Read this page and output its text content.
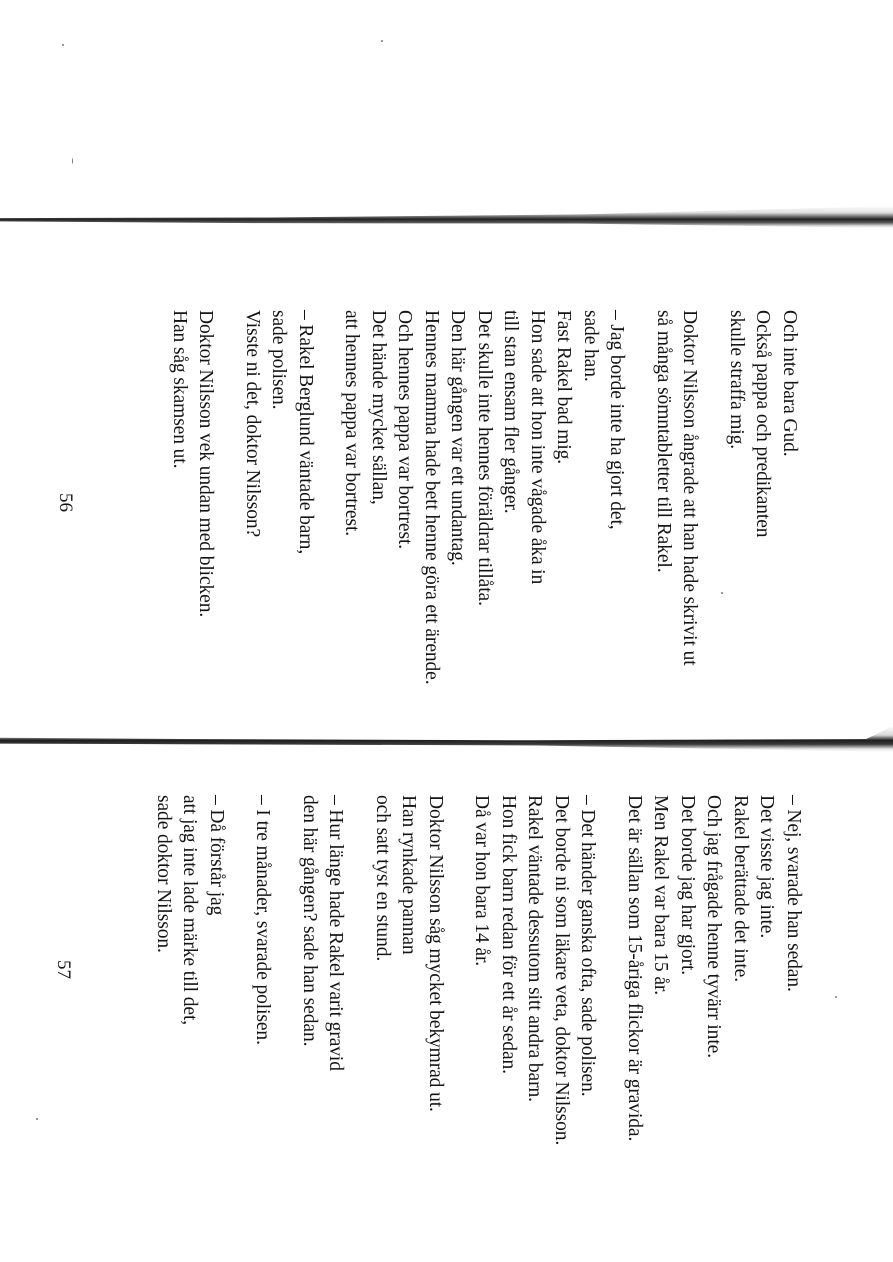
Och inte bara Gud.
Också pappa och predikanten
skulle straffa mig.
Doktor Nilsson ångrade att han hade skrivit ut
så många sömntabletter till Rakel.
– Jag borde inte ha gjort det,
sade han.
Fast Rakel bad mig.
Hon sade att hon inte vågade åka in
till stan ensam fler gånger.
Det skulle inte hennes föräldrar tillåta.
Den här gången var ett undantag.
Hennes mamma hade bett henne göra ett ärende.
Och hennes pappa var bortrest.
Det hände mycket sällan,
att hennes pappa var bortrest.
– Rakel Berglund väntade barn,
sade polisen.
Visste ni det, doktor Nilsson?
Doktor Nilsson vek undan med blicken.
Han såg skamsen ut.
56
– Nej, svarade han sedan.
Det visste jag inte.
Rakel berättade det inte.
Och jag frågade henne tyvärr inte.
Det borde jag har gjort.
Men Rakel var bara 15 år.
Det är sällan som 15-åriga flickor är gravida.
– Det händer ganska ofta, sade polisen.
Det borde ni som läkare veta, doktor Nilsson.
Rakel väntade dessutom sitt andra barn.
Hon fick barn redan för ett år sedan.
Då var hon bara 14 år.
Doktor Nilsson såg mycket bekymrad ut.
Han rynkade pannan
och satt tyst en stund.
– Hur länge hade Rakel varit gravid
den här gången? sade han sedan.
– I tre månader, svarade polisen.
– Då förstår jag
att jag inte lade märke till det,
sade doktor Nilsson.
57
